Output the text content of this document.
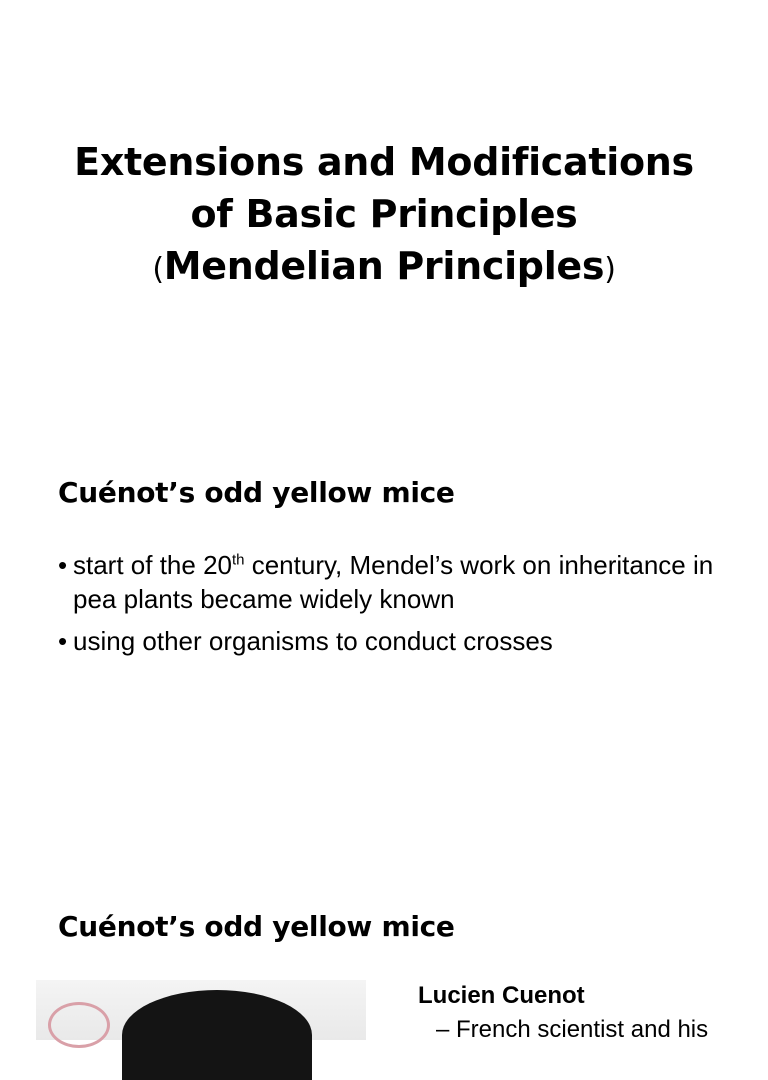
Extensions and Modifications
of Basic Principles
(Mendelian Principles)
Cuénot’s odd yellow mice
• start of the 20th century, Mendel’s work on inheritance in pea plants became widely known
• using other organisms to conduct crosses
Cuénot’s odd yellow mice
Lucien Cuenot
– French scientist and his
